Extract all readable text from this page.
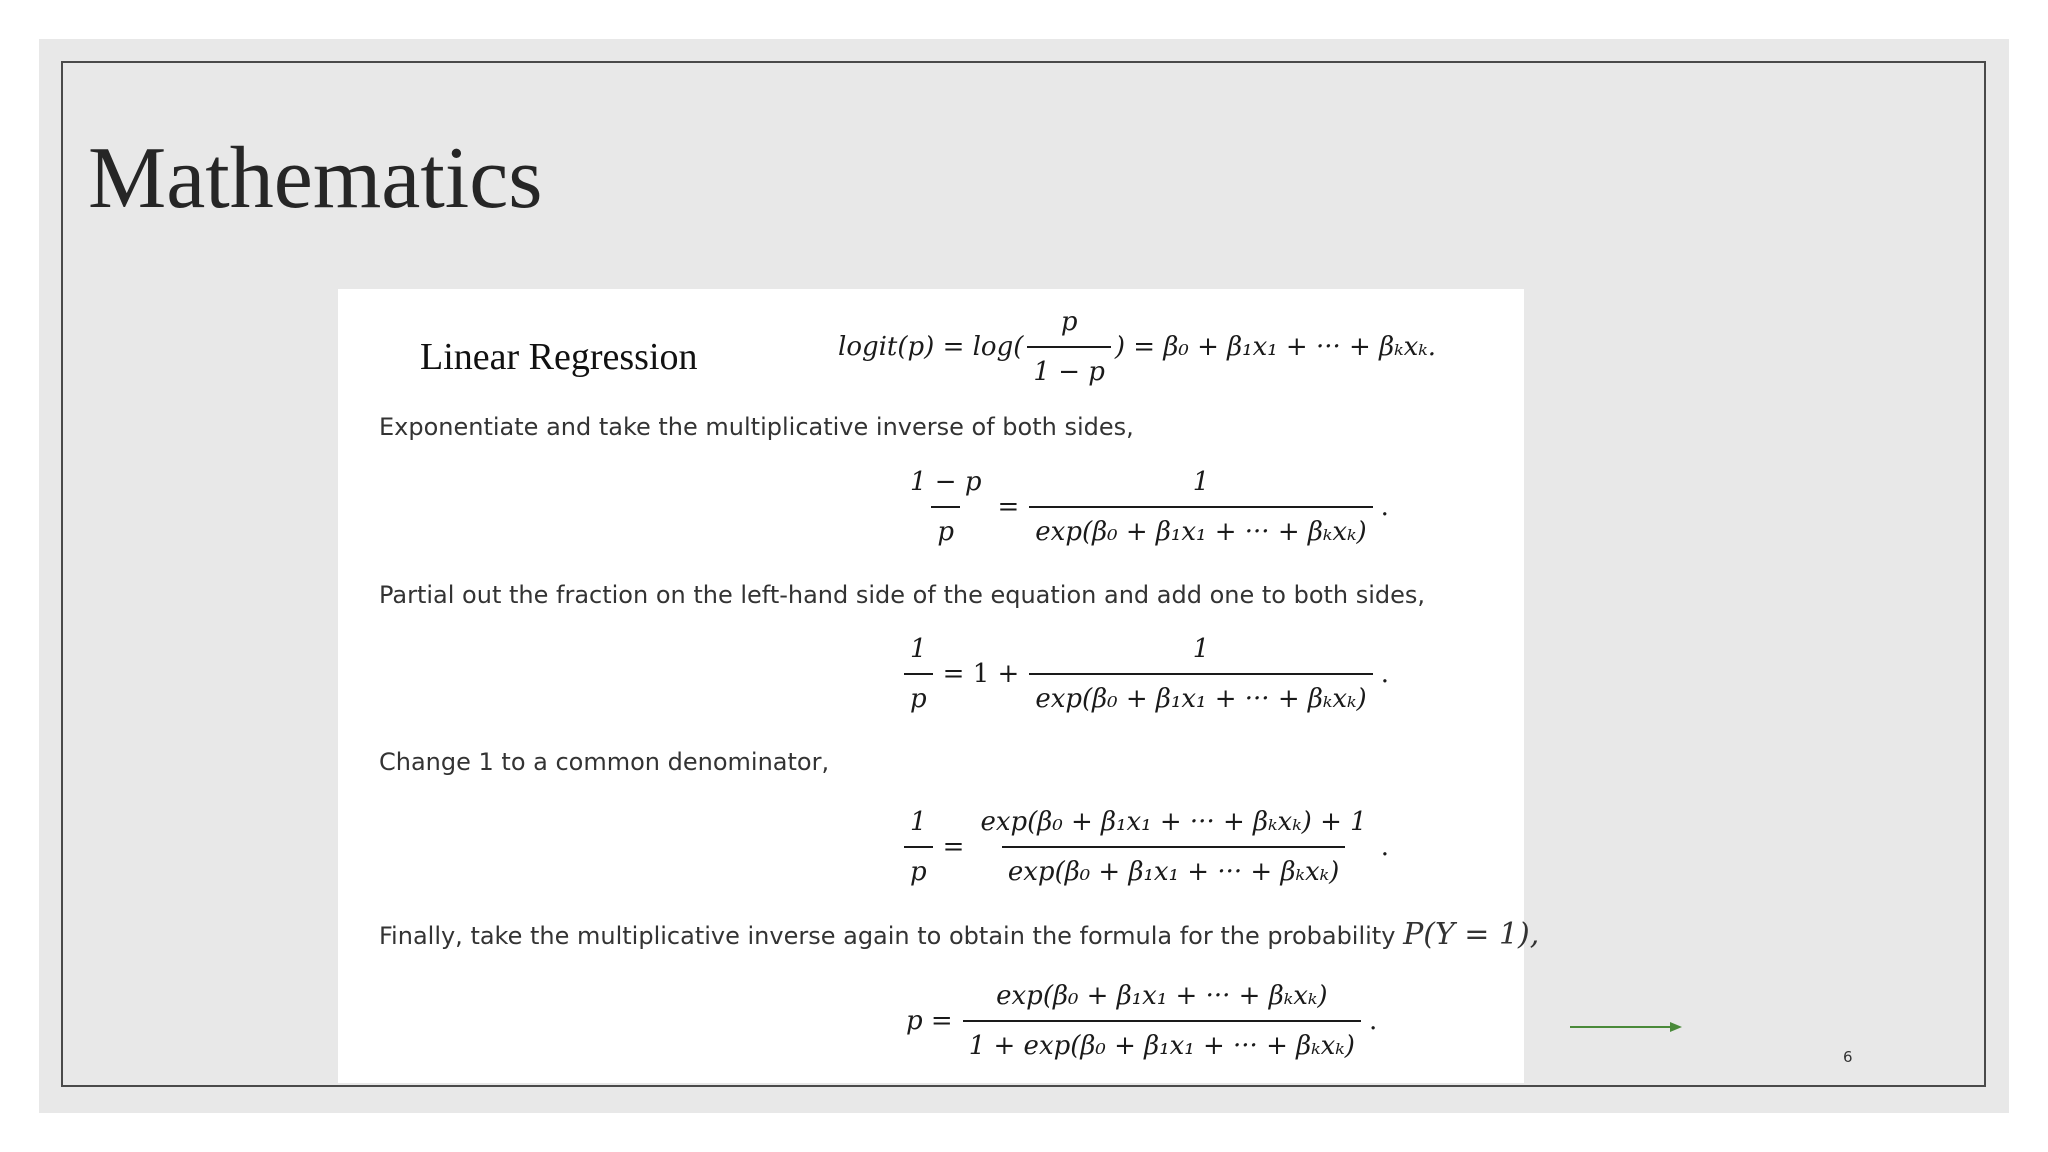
Mathematics
Linear Regression	logit(p) = $\log( \frac{p}{1 - p}$ ) = β₀ + β₁x₁ + ··· + βₖxₖ.
Exponentiate and take the multiplicative inverse of both sides,
$\frac{1 - p}{p} = \frac{1}{\text{exp(β₀ + β₁x₁ + ··· + βₖxₖ)}}$ .
Partial out the fraction on the left-hand side of the equation and add one to both sides,
$\frac{1}{p} = 1 + \frac{1}{\text{exp(β₀ + β₁x₁ + ··· + βₖxₖ)}}$ .
Change 1 to a common denominator,
$\frac{1}{p} = \frac{\text{exp(β₀ + β₁x₁ + ··· + βₖxₖ) + 1}}{\text{exp(β₀ + β₁x₁ + ··· + βₖxₖ)}}$ .
Finally, take the multiplicative inverse again to obtain the formula for the probability P(Y = 1),
$p = \frac{\text{exp(β₀ + β₁x₁ + ··· + βₖxₖ)}}{\text{1 + exp(β₀ + β₁x₁ + ··· + βₖxₖ)}}$ .
6
